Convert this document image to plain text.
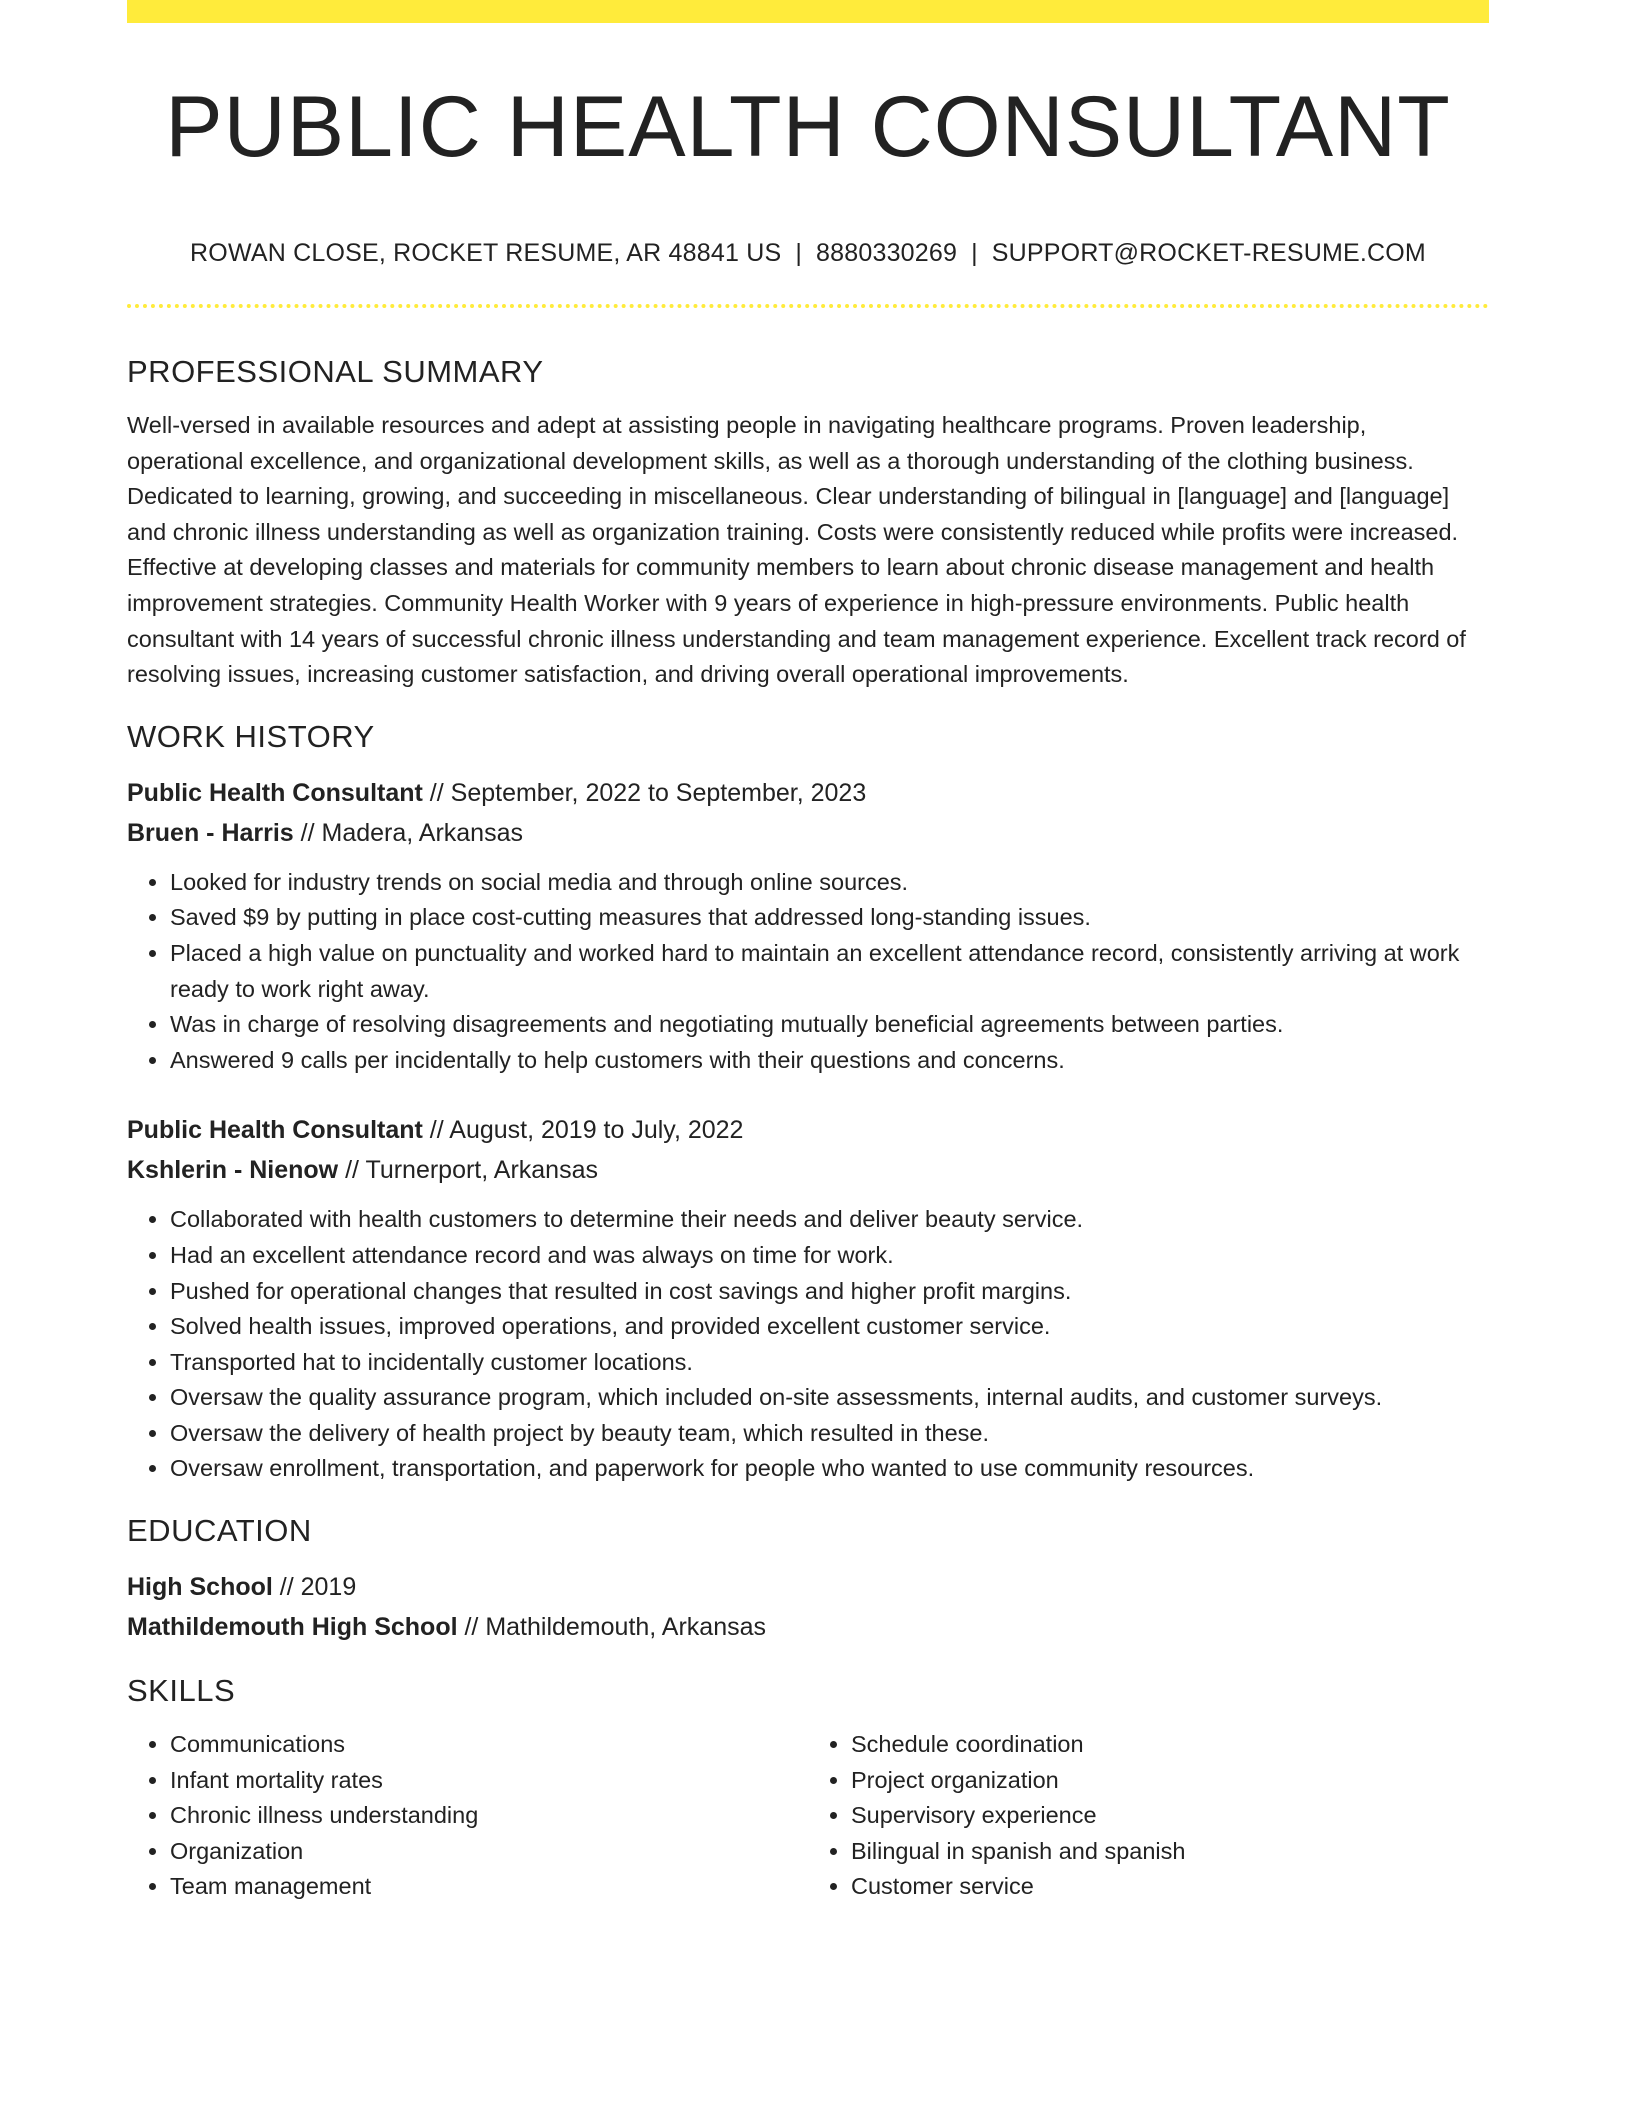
PUBLIC HEALTH CONSULTANT
ROWAN CLOSE, ROCKET RESUME, AR 48841 US | 8880330269 | SUPPORT@ROCKET-RESUME.COM
PROFESSIONAL SUMMARY

Well-versed in available resources and adept at assisting people in navigating healthcare programs. Proven leadership, operational excellence, and organizational development skills, as well as a thorough understanding of the clothing business. Dedicated to learning, growing, and succeeding in miscellaneous. Clear understanding of bilingual in [language] and [language] and chronic illness understanding as well as organization training. Costs were consistently reduced while profits were increased. Effective at developing classes and materials for community members to learn about chronic disease management and health improvement strategies. Community Health Worker with 9 years of experience in high-pressure environments. Public health consultant with 14 years of successful chronic illness understanding and team management experience. Excellent track record of resolving issues, increasing customer satisfaction, and driving overall operational improvements.

WORK HISTORY
Public Health Consultant // September, 2022 to September, 2023
Bruen - Harris // Madera, Arkansas
• Looked for industry trends on social media and through online sources.
• Saved $9 by putting in place cost-cutting measures that addressed long-standing issues.
• Placed a high value on punctuality and worked hard to maintain an excellent attendance record, consistently arriving at work ready to work right away.
• Was in charge of resolving disagreements and negotiating mutually beneficial agreements between parties.
• Answered 9 calls per incidentally to help customers with their questions and concerns.
Public Health Consultant // August, 2019 to July, 2022
Kshlerin - Nienow // Turnerport, Arkansas
• Collaborated with health customers to determine their needs and deliver beauty service.
• Had an excellent attendance record and was always on time for work.
• Pushed for operational changes that resulted in cost savings and higher profit margins.
• Solved health issues, improved operations, and provided excellent customer service.
• Transported hat to incidentally customer locations.
• Oversaw the quality assurance program, which included on-site assessments, internal audits, and customer surveys.
• Oversaw the delivery of health project by beauty team, which resulted in these.
• Oversaw enrollment, transportation, and paperwork for people who wanted to use community resources.
EDUCATION
High School // 2019
Mathildemouth High School // Mathildemouth, Arkansas
SKILLS
• Communications
• Infant mortality rates
• Chronic illness understanding
• Organization
• Team management
• Schedule coordination
• Project organization
• Supervisory experience
• Bilingual in spanish and spanish
• Customer service
